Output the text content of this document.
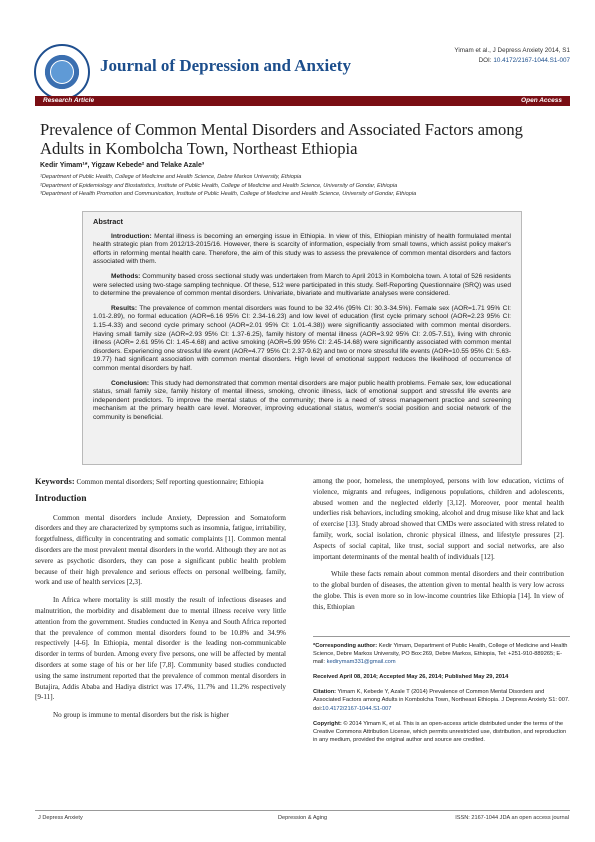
Journal of Depression and Anxiety
Yimam et al., J Depress Anxiety 2014, S1
DOI: 10.4172/2167-1044.S1-007
Research Article	Open Access
Prevalence of Common Mental Disorders and Associated Factors among Adults in Kombolcha Town, Northeast Ethiopia
Kedir Yimam¹*, Yigzaw Kebede² and Telake Azale³
¹Department of Public Health, College of Medicine and Health Science, Debre Markos University, Ethiopia
²Department of Epidemiology and Biostatistics, Institute of Public Health, College of Medicine and Health Science, University of Gondar, Ethiopia
³Department of Health Promotion and Communication, Institute of Public Health, College of Medicine and Health Science, University of Gondar, Ethiopia
Abstract

Introduction: Mental illness is becoming an emerging issue in Ethiopia. In view of this, Ethiopian ministry of health formulated mental health strategic plan from 2012/13-2015/16. However, there is scarcity of information, especially from small towns, which assist policy maker's efforts in reforming mental health care. Therefore, the aim of this study was to assess the prevalence of common mental disorders and factors associated with them.

Methods: Community based cross sectional study was undertaken from March to April 2013 in Kombolcha town. A total of 526 residents were selected using two-stage sampling technique. Of these, 512 were participated in this study. Self-Reporting Questionnaire (SRQ) was used to determine the prevalence of common mental disorders. Univariate, bivariate and multivariate analyses were considered.

Results: The prevalence of common mental disorders was found to be 32.4% (95% CI: 30.3-34.5%). Female sex (AOR=1.71 95% CI: 1.01-2.89), no formal education (AOR=6.16 95% CI: 2.34-16.23) and low level of education (first cycle primary school (AOR=2.23 95% CI: 1.15-4.33) and second cycle primary school (AOR=2.01 95% CI: 1.01-4.38)) were significantly associated with common mental disorders. Having small family size (AOR=2.93 95% CI: 1.37-6.25), family history of mental illness (AOR=3.92 95% CI: 2.05-7.51), living with chronic illness (AOR= 2.61 95% CI: 1.45-4.68) and active smoking (AOR=5.99 95% CI: 2.45-14.68) were significantly associated with common mental disorders. Experiencing one stressful life event (AOR=4.77 95% CI: 2.37-9.62) and two or more stressful life events (AOR=10.55 95% CI: 5.63-19.77) had significant association with common mental disorders. High level of emotional support reduces the likelihood of occurrence of common mental disorders by half.

Conclusion: This study had demonstrated that common mental disorders are major public health problems. Female sex, low educational status, small family size, family history of mental illness, smoking, chronic illness, lack of emotional support and stressful life events are independent predictors. To improve the mental status of the community; there is a need of stress management practice and screening mechanism at the primary health care level. Moreover, improving educational status, women's social position and social network of the community is beneficial.

Keywords: Common mental disorders; Self reporting questionnaire; Ethiopia
Introduction

Common mental disorders include Anxiety, Depression and Somatoform disorders and they are characterized by symptoms such as insomnia, fatigue, irritability, forgetfulness, difficulty in concentrating and somatic complaints [1]. Common mental disorders are the most prevalent mental disorders in the world. Although they are not as severe as psychotic disorders, they can pose a significant public health problem because of their high prevalence and serious effects on personal wellbeing, family, work and use of health services [2,3].

In Africa where mortality is still mostly the result of infectious diseases and malnutrition, the morbidity and disablement due to mental illness receive very little attention from the government. Studies conducted in Kenya and South Africa reported that the prevalence of common mental disorders found to be 10.8% and 34.9% respectively [4-6]. In Ethiopia, mental disorder is the leading non-communicable disorder in terms of burden. Among every five persons, one will be affected by mental disorders at some stage of his or her life [7,8]. Community based studies conducted using the same instrument reported that the prevalence of common mental disorders in Butajira, Addis Ababa and Hadiya district was 17.4%, 11.7% and 11.2% respectively [9-11].

No group is immune to mental disorders but the risk is higher

among the poor, homeless, the unemployed, persons with low education, victims of violence, migrants and refugees, indigenous populations, children and adolescents, abused women and the neglected elderly [3,12]. Moreover, poor mental health underlies risk behaviors, including smoking, alcohol and drug misuse like khat and lack of exercise [13]. Study abroad showed that CMDs were associated with stress related to family, work, social isolation, chronic physical illness, and lifestyle pressures [2]. Aspects of social capital, like trust, social support and social networks, are also important determinants of the mental health of individuals [12].

While these facts remain about common mental disorders and their contribution to the global burden of diseases, the attention given to mental health is very low across the globe. This is even more so in low-income countries like Ethiopia [14]. In view of this, Ethiopian

*Corresponding author: Kedir Yimam, Department of Public Health, College of Medicine and Health Science, Debre Markos University, PO Box:269, Debre Markos, Ethiopia, Tel: +251-910-889265; E-mail: kedirymam331@gmail.com

Received April 08, 2014; Accepted May 26, 2014; Published May 29, 2014

Citation: Yimam K, Kebede Y, Azale T (2014) Prevalence of Common Mental Disorders and Associated Factors among Adults in Kombolcha Town, Northeast Ethiopia. J Depress Anxiety S1: 007. doi:10.4172/2167-1044.S1-007

Copyright: © 2014 Yimam K, et al. This is an open-access article distributed under the terms of the Creative Commons Attribution License, which permits unrestricted use, distribution, and reproduction in any medium, provided the original author and source are credited.

J Depress Anxiety	Depression & Aging	ISSN: 2167-1044 JDA an open access journal
